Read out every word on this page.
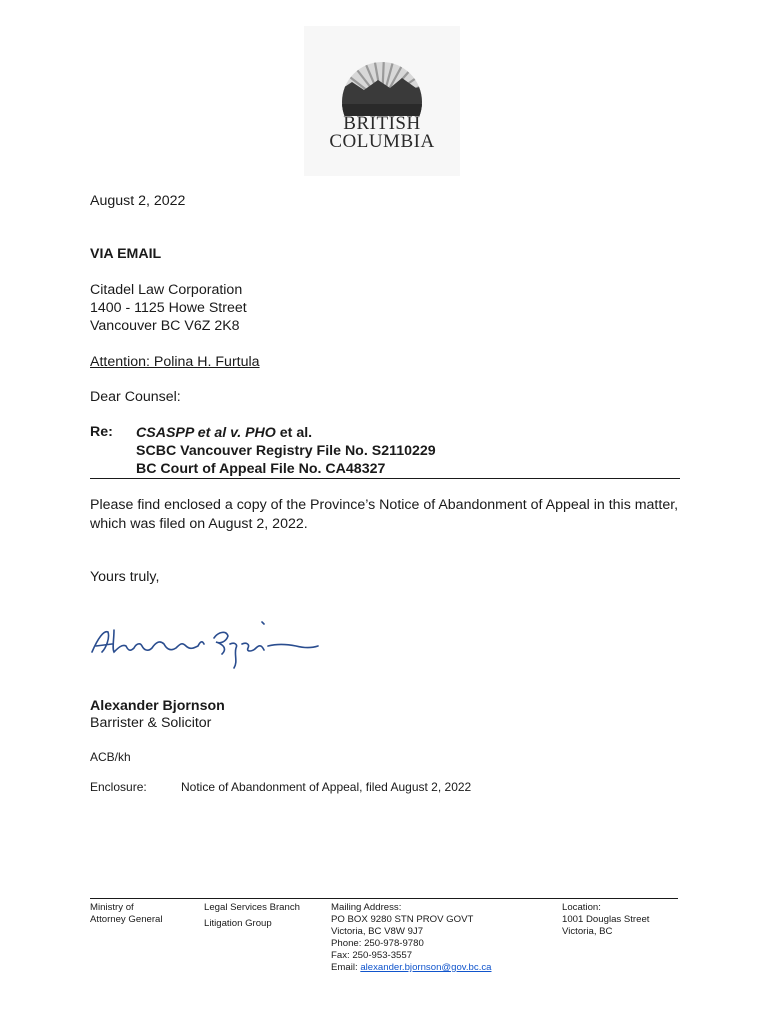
BRITISH
COLUMBIA
August 2, 2022
VIA EMAIL
Citadel Law Corporation
1400 - 1125 Howe Street
Vancouver BC V6Z 2K8
Attention: Polina H. Furtula
Dear Counsel:
Re: CSASPP et al v. PHO et al.
SCBC Vancouver Registry File No. S2110229
BC Court of Appeal File No. CA48327
Please find enclosed a copy of the Province’s Notice of Abandonment of Appeal in this matter, which was filed on August 2, 2022.
Yours truly,
Alexander Bjornson
Barrister & Solicitor
ACB/kh
Enclosure:	Notice of Abandonment of Appeal, filed August 2, 2022
Ministry of
Attorney General
Legal Services Branch
Litigation Group
Mailing Address:
PO BOX 9280 STN PROV GOVT
Victoria, BC V8W 9J7
Phone: 250-978-9780
Fax: 250-953-3557
Email: alexander.bjornson@gov.bc.ca
Location:
1001 Douglas Street
Victoria, BC
